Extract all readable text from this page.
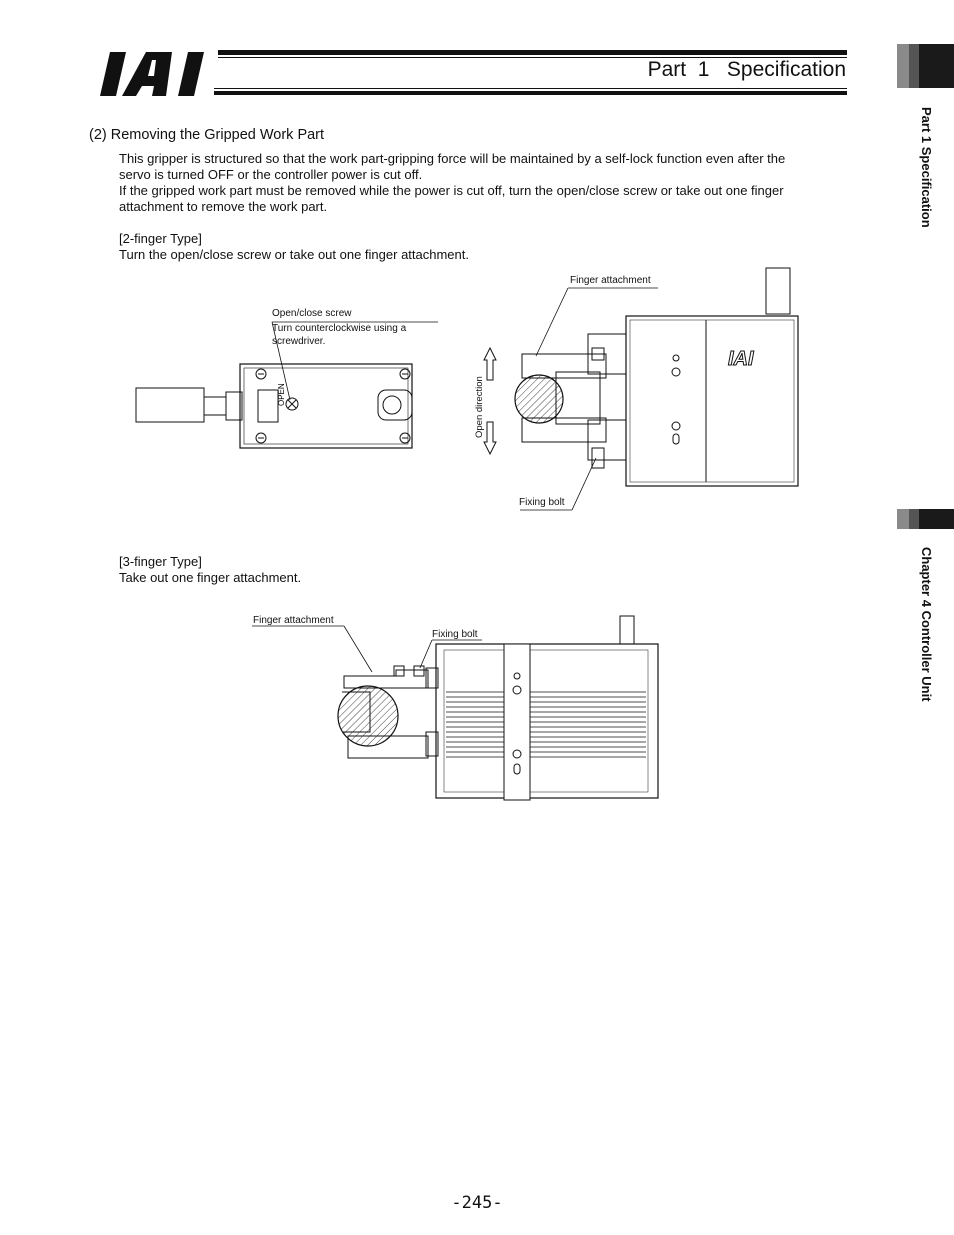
Part  1   Specification
Part 1 Specification
Chapter 4 Controller Unit
(2) Removing the Gripped Work Part
This gripper is structured so that the work part-gripping force will be maintained by a self-lock function even after the
servo is turned OFF or the controller power is cut off.
If the gripped work part must be removed while the power is cut off, turn the open/close screw or take out one finger
attachment to remove the work part.
[2-finger Type]
Turn the open/close screw or take out one finger attachment.
OPEN
Open/close screw
Turn counterclockwise using a
screwdriver.
IAI
Finger attachment
Fixing bolt
Open direction
[3-finger Type]
Take out one finger attachment.
Finger attachment
Fixing bolt
-245-
